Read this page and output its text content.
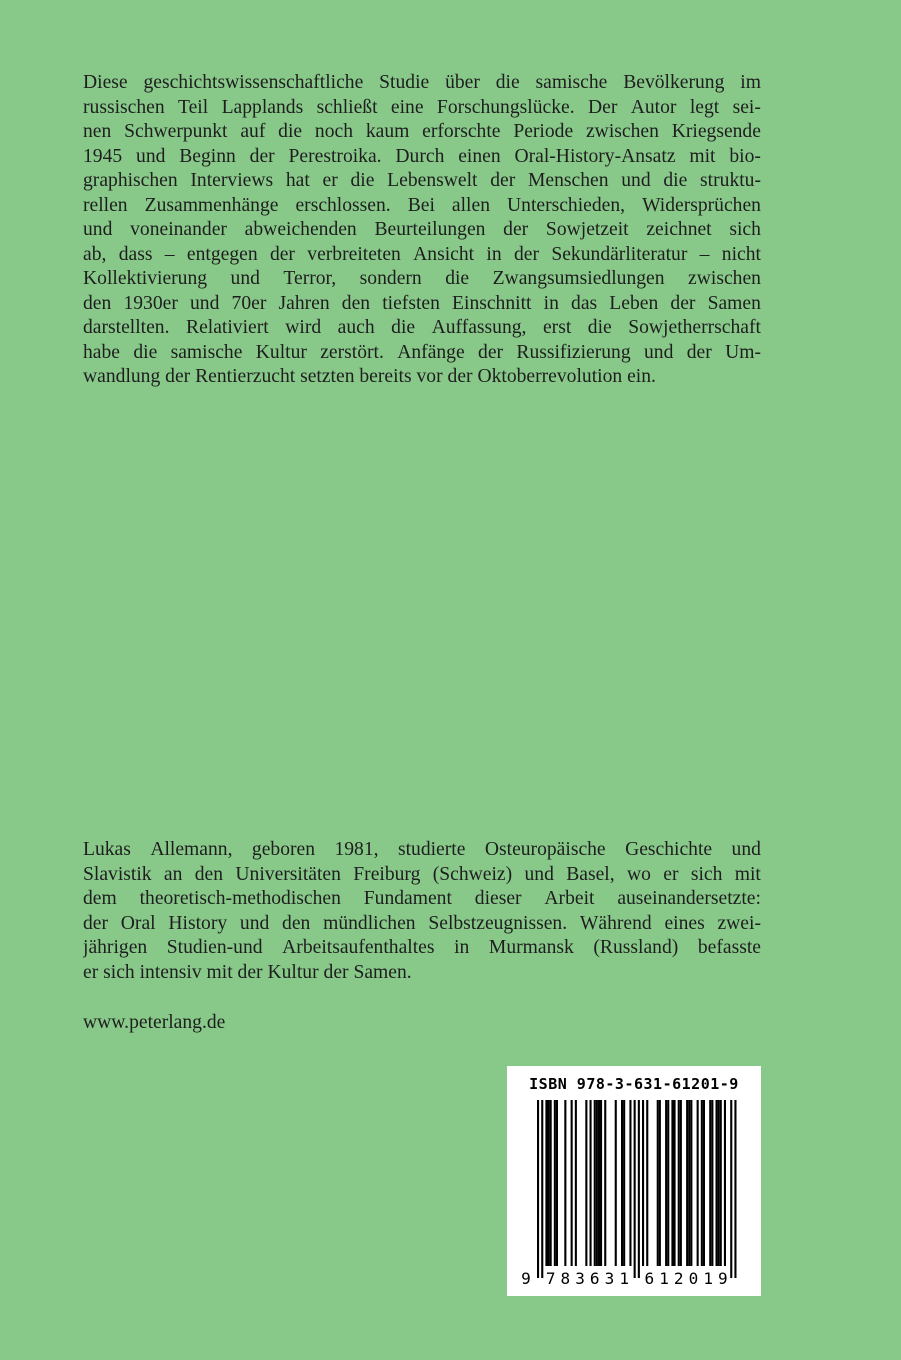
Diese geschichtswissenschaftliche Studie über die samische Bevölkerung im
russischen Teil Lapplands schließt eine Forschungslücke. Der Autor legt sei-
nen Schwerpunkt auf die noch kaum erforschte Periode zwischen Kriegsende
1945 und Beginn der Perestroika. Durch einen Oral-History-Ansatz mit bio-
graphischen Interviews hat er die Lebenswelt der Menschen und die struktu-
rellen Zusammenhänge erschlossen. Bei allen Unterschieden, Widersprüchen
und voneinander abweichenden Beurteilungen der Sowjetzeit zeichnet sich
ab, dass – entgegen der verbreiteten Ansicht in der Sekundärliteratur – nicht
Kollektivierung und Terror, sondern die Zwangsumsiedlungen zwischen
den 1930er und 70er Jahren den tiefsten Einschnitt in das Leben der Samen
darstellten. Relativiert wird auch die Auffassung, erst die Sowjetherrschaft
habe die samische Kultur zerstört. Anfänge der Russifizierung und der Um-
wandlung der Rentierzucht setzten bereits vor der Oktoberrevolution ein.
Lukas Allemann, geboren 1981, studierte Osteuropäische Geschichte und
Slavistik an den Universitäten Freiburg (Schweiz) und Basel, wo er sich mit
dem theoretisch-methodischen Fundament dieser Arbeit auseinandersetzte:
der Oral History und den mündlichen Selbstzeugnissen. Während eines zwei-
jährigen Studien-und Arbeitsaufenthaltes in Murmansk (Russland) befasste
er sich intensiv mit der Kultur der Samen.

www.peterlang.de

ISBN 978-3-631-61201-9
9 7 8 3 6 3 1 6 1 2 0 1 9
